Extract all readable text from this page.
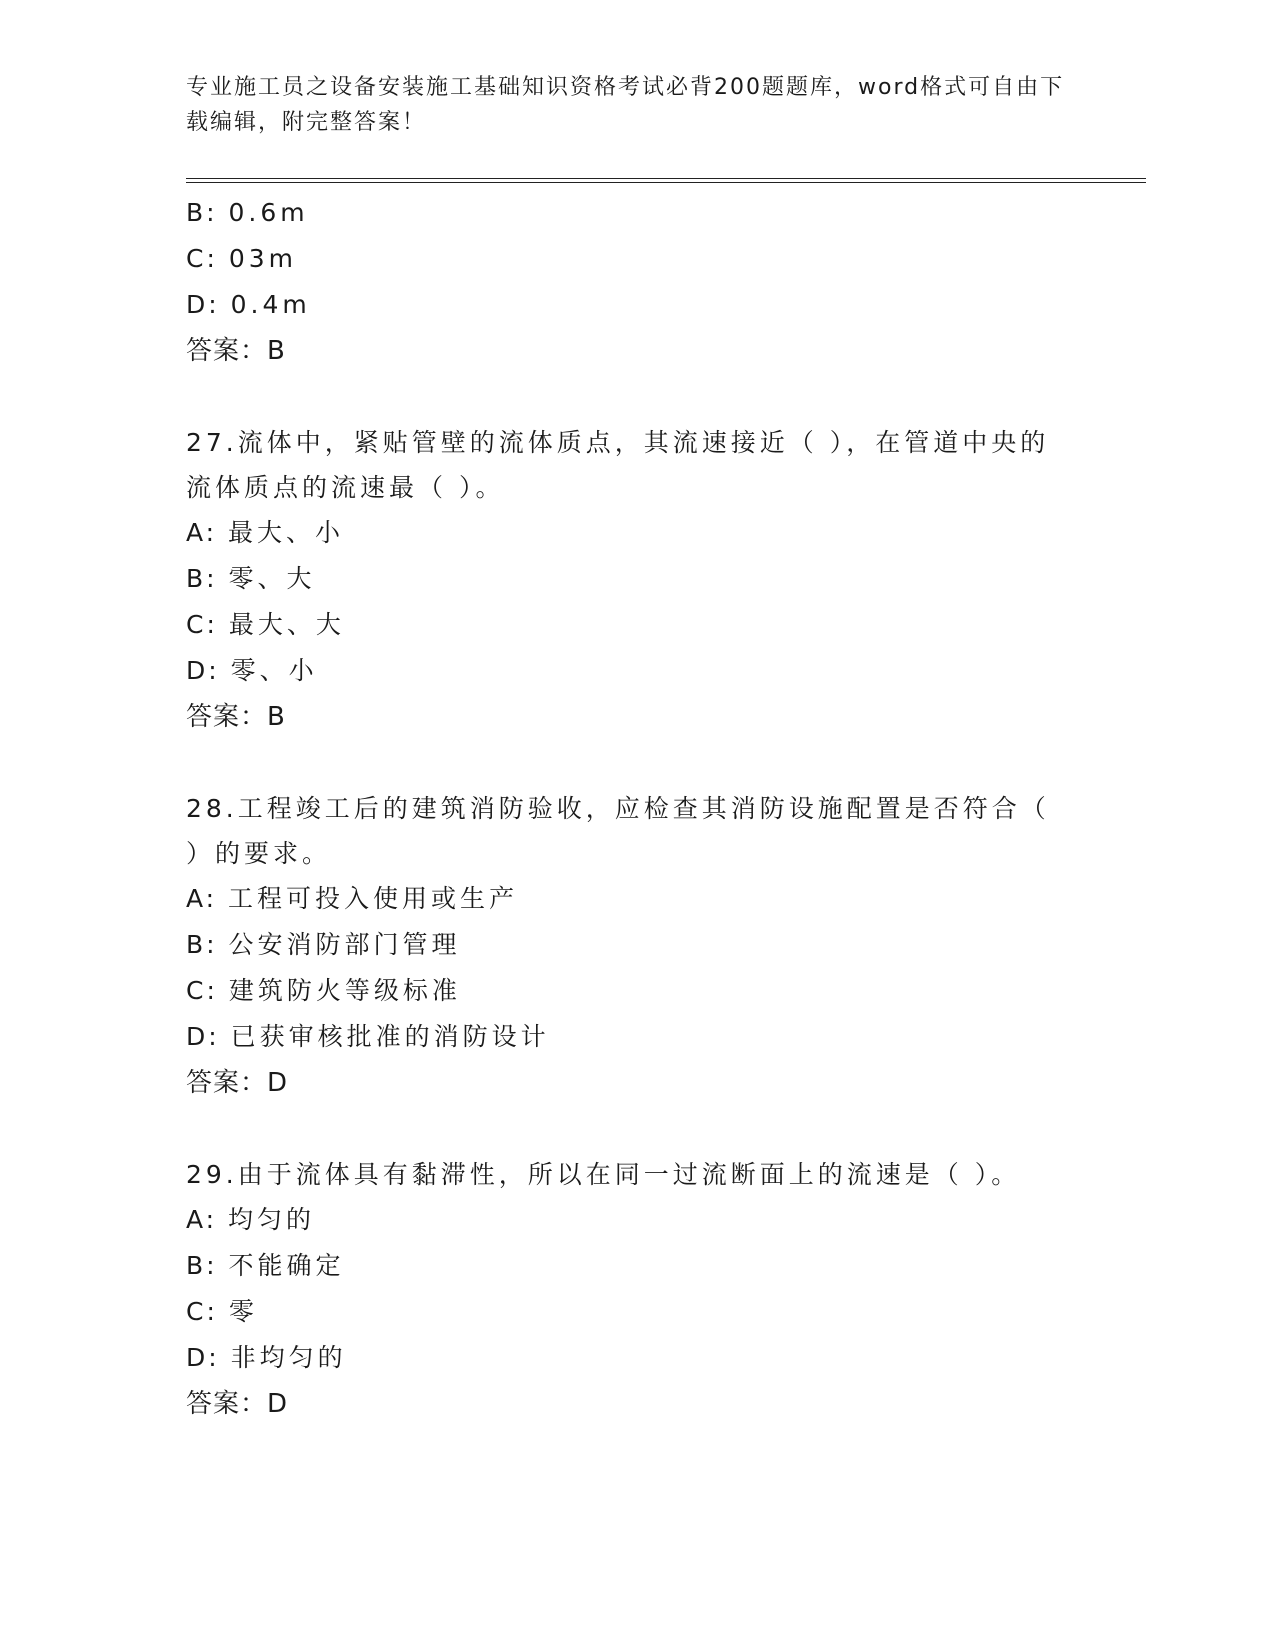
专业施工员之设备安装施工基础知识资格考试必背200题题库，word格式可自由下载编辑，附完整答案！

B: 0.6m
C: 03m
D: 0.4m

答案：B

27.流体中，紧贴管壁的流体质点，其流速接近（ ），在管道中央的流体质点的流速最（ ）。

A: 最大、小
B: 零、大
C: 最大、大
D: 零、小

答案：B

28.工程竣工后的建筑消防验收，应检查其消防设施配置是否符合（ ）的要求。

A: 工程可投入使用或生产
B: 公安消防部门管理
C: 建筑防火等级标准
D: 已获审核批准的消防设计

答案：D

29.由于流体具有黏滞性，所以在同一过流断面上的流速是（ ）。

A: 均匀的
B: 不能确定
C: 零
D: 非均匀的

答案：D
